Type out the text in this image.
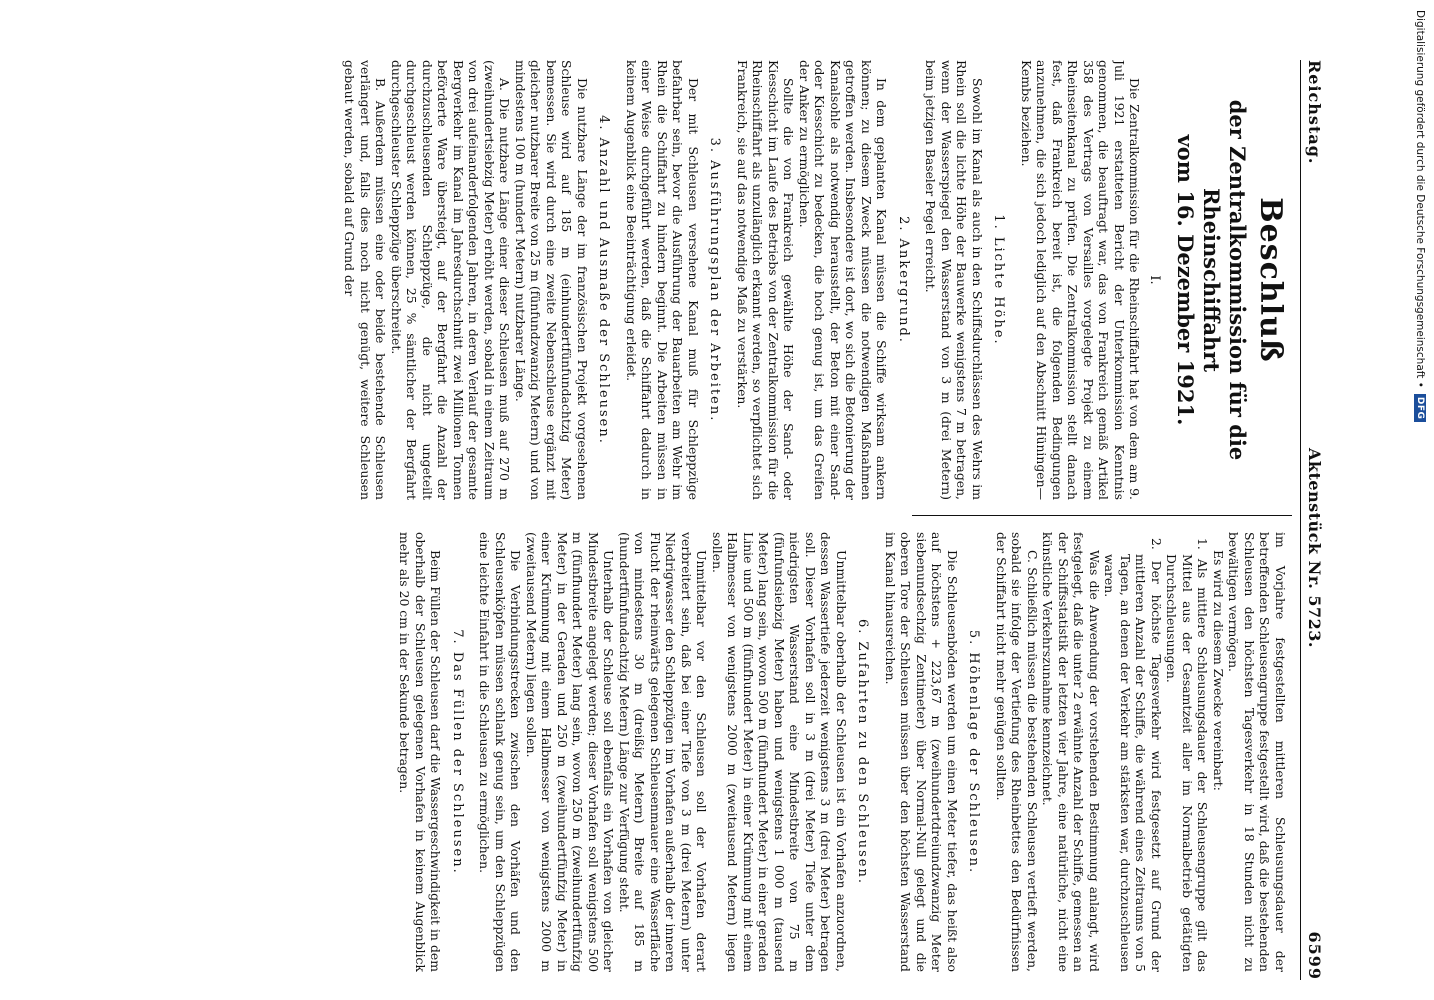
Reichstag.
Aktenstück Nr. 5723.
6599
Beschluß
der Zentralkommission für die Rheinschiffahrt
vom 16. Dezember 1921.
I.

Die Zentralkommission für die Rheinschiffahrt hat von dem am 9. Juli 1921 erstatteten Bericht der Unterkommission Kenntnis genommen, die beauftragt war, das von Frankreich gemäß Artikel 358 des Vertrags von Versailles vorgelegte Projekt zu einem Rheinseitenkanal zu prüfen. Die Zentralkommission stellt danach fest, daß Frankreich bereit ist, die folgenden Bedingungen anzunehmen, die sich jedoch lediglich auf den Abschnitt Hüningen—Kembs beziehen.

1. Lichte Höhe.

Sowohl im Kanal als auch in den Schiffsdurchlässen des Wehrs im Rhein soll die lichte Höhe der Bauwerke wenigstens 7 m betragen, wenn der Wasserspiegel den Wasserstand von 3 m (drei Metern) beim jetzigen Baseler Pegel erreicht.

2. Ankergrund.

In dem geplanten Kanal müssen die Schiffe wirksam ankern können; zu diesem Zweck müssen die notwendigen Maßnahmen getroffen werden. Insbesondere ist dort, wo sich die Betonierung der Kanalsohle als notwendig herausstellt, der Beton mit einer Sand- oder Kiesschicht zu bedecken, die hoch genug ist, um das Greifen der Anker zu ermöglichen.

Sollte die von Frankreich gewählte Höhe der Sand- oder Kiesschicht im Laufe des Betriebs von der Zentralkommission für die Rheinschiffahrt als unzulänglich erkannt werden, so verpflichtet sich Frankreich, sie auf das notwendige Maß zu verstärken.

3. Ausführungsplan der Arbeiten.

Der mit Schleusen versehene Kanal muß für Schleppzüge befahrbar sein, bevor die Ausführung der Bauarbeiten am Wehr im Rhein die Schiffahrt zu hindern beginnt. Die Arbeiten müssen in einer Weise durchgeführt werden, daß die Schiffahrt dadurch in keinem Augenblick eine Beeinträchtigung erleidet.

4. Anzahl und Ausmaße der Schleusen.

Die nutzbare Länge der im französischen Projekt vorgesehenen Schleuse wird auf 185 m (einhundertfünfundachtzig Meter) bemessen. Sie wird durch eine zweite Nebenschleuse ergänzt mit gleicher nutzbarer Breite von 25 m (fünfundzwanzig Metern) und von mindestens 100 m (hundert Metern) nutzbarer Länge.

A. Die nutzbare Länge einer dieser Schleusen muß auf 270 m (zweihundertsiebzig Meter) erhöht werden, sobald in einem Zeitraum von drei aufeinanderfolgenden Jahren, in deren Verlauf der gesamte Bergverkehr im Kanal im Jahresdurchschnitt zwei Millionen Tonnen beförderte Ware übersteigt, auf der Bergfahrt die Anzahl der durchzuschleusenden Schleppzüge, die nicht ungeteilt durchgeschleust werden können, 25 % sämtlicher der Bergfahrt durchgeschleuster Schleppzüge überschreitet.

B. Außerdem müssen eine oder beide bestehende Schleusen verlängert und, falls dies noch nicht genügt, weitere Schleusen gebaut werden, sobald auf Grund der

im Vorjahre festgestellten mittleren Schleusungsdauer der betreffenden Schleusengruppe festgestellt wird, daß die bestehenden Schleusen den höchsten Tagesverkehr in 18 Stunden nicht zu bewältigen vermögen.

Es wird zu diesem Zwecke vereinbart:

1. Als mittlere Schleusungsdauer der Schleusengruppe gilt das Mittel aus der Gesamtzeit aller im Normalbetrieb getätigten Durchschleusungen.
2. Der höchste Tagesverkehr wird festgesetzt auf Grund der mittleren Anzahl der Schiffe, die während eines Zeitraums von 5 Tagen, an denen der Verkehr am stärksten war, durchzuschleusen waren.

Was die Anwendung der vorstehenden Bestimmung anlangt, wird festgelegt, daß die unter 2 erwähnte Anzahl der Schiffe, gemessen an der Schiffsstatistik der letzten vier Jahre, eine natürliche, nicht eine künstliche Verkehrszunahme kennzeichnet.

C. Schließlich müssen die bestehenden Schleusen vertieft werden, sobald sie infolge der Vertiefung des Rheinbettes den Bedürfnissen der Schiffahrt nicht mehr genügen sollten.

5. Höhenlage der Schleusen.

Die Schleusenböden werden um einen Meter tiefer, das heißt also auf höchstens + 223,67 m (zweihundertdreiundzwanzig Meter siebenundsechzig Zentimeter) über Normal-Null gelegt und die oberen Tore der Schleusen müssen über den höchsten Wasserstand im Kanal hinausreichen.

6. Zufahrten zu den Schleusen.

Unmittelbar oberhalb der Schleusen ist ein Vorhafen anzuordnen, dessen Wassertiefe jederzeit wenigstens 3 m (drei Meter) betragen soll. Dieser Vorhafen soll in 3 m (drei Meter) Tiefe unter dem niedrigsten Wasserstand eine Mindestbreite von 75 m (fünfundsiebzig Meter) haben und wenigstens 1 000 m (tausend Meter) lang sein, wovon 500 m (fünfhundert Meter) in einer geraden Linie und 500 m (fünfhundert Meter) in einer Krümmung mit einem Halbmesser von wenigstens 2000 m (zweitausend Metern) liegen sollen.

Unmittelbar vor den Schleusen soll der Vorhafen derart verbreitert sein, daß bei einer Tiefe von 3 m (drei Metern) unter Niedrigwasser den Schleppzügen im Vorhafen außerhalb der inneren Flucht der rheinwärts gelegenen Schleusenmauer eine Wasserfläche von mindestens 30 m (dreißig Metern) Breite auf 185 m (hundertfünfundachtzig Metern) Länge zur Verfügung steht.

Unterhalb der Schleuse soll ebenfalls ein Vorhafen von gleicher Mindestbreite angelegt werden; dieser Vorhafen soll wenigstens 500 m (fünfhundert Meter) lang sein, wovon 250 m (zweihundertfünfzig Meter) in der Geraden und 250 m (zweihundertfünfzig Meter) in einer Krümmung mit einem Halbmesser von wenigstens 2000 m (zweitausend Metern) liegen sollen.

Die Verbindungsstrecken zwischen den Vorhäfen und den Schleusenköpfen müssen schlank genug sein, um den Schleppzügen eine leichte Einfahrt in die Schleusen zu ermöglichen.

7. Das Füllen der Schleusen.

Beim Füllen der Schleusen darf die Wassergeschwindigkeit in dem oberhalb der Schleusen gelegenen Vorhafen in keinem Augenblick mehr als 20 cm in der Sekunde betragen.

Digitalisierung gefördert durch die Deutsche Forschungsgemeinschaft •
DFG
